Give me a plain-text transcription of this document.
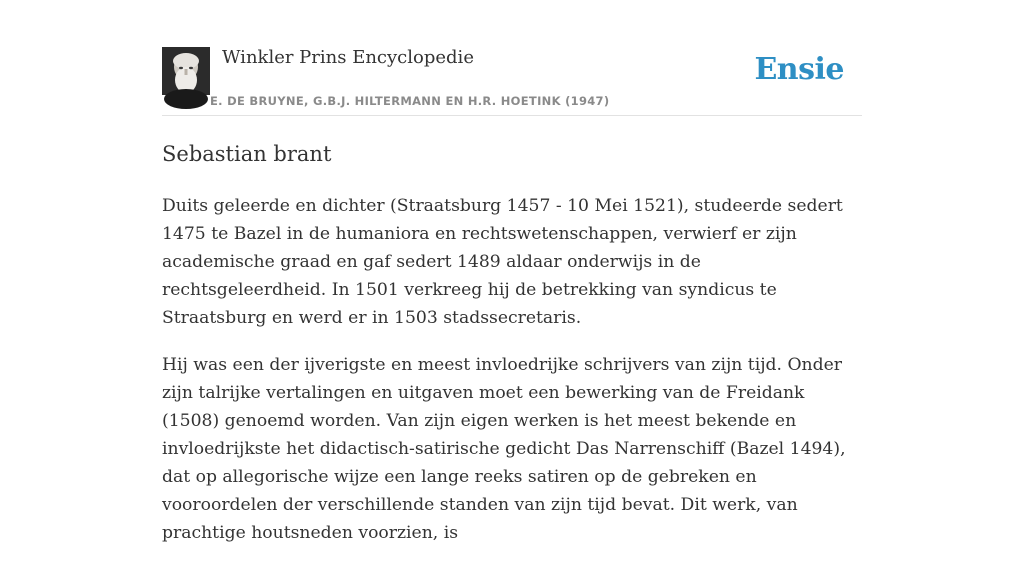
Winkler Prins Encyclopedie
E. DE BRUYNE, G.B.J. HILTERMANN EN H.R. HOETINK (1947)
Ensie
Sebastian brant

Duits geleerde en dichter (Straatsburg 1457 - 10 Mei 1521), studeerde sedert 1475 te Bazel in de humaniora en rechtswetenschappen, verwierf er zijn academische graad en gaf sedert 1489 aldaar onderwijs in de rechtsgeleerdheid. In 1501 verkreeg hij de betrekking van syndicus te Straatsburg en werd er in 1503 stadssecretaris.

Hij was een der ijverigste en meest invloedrijke schrijvers van zijn tijd. Onder zijn talrijke vertalingen en uitgaven moet een bewerking van de Freidank (1508) genoemd worden. Van zijn eigen werken is het meest bekende en invloedrijkste het didactisch-satirische gedicht Das Narrenschiff (Bazel 1494), dat op allegorische wijze een lange reeks satiren op de gebreken en vooroordelen der verschillende standen van zijn tijd bevat. Dit werk, van prachtige houtsneden voorzien, is
